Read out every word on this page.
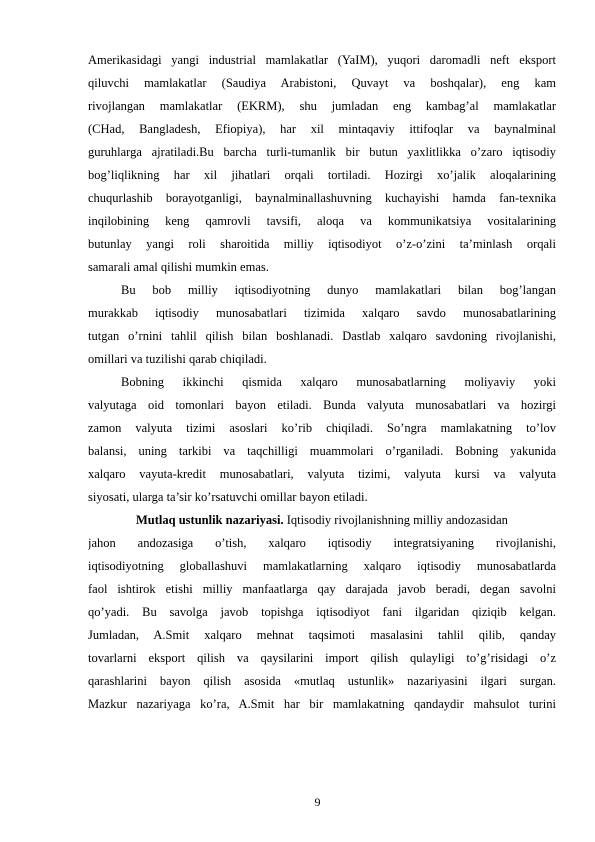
Amerikasidagi yangi industrial mamlakatlar (YaIM), yuqori daromadli neft eksport
qiluvchi mamlakatlar (Saudiya Arabistoni, Quvayt va boshqalar), eng kam
rivojlangan mamlakatlar (EKRM), shu jumladan eng kambag’al mamlakatlar
(CHad, Bangladesh, Efiopiya), har xil mintaqaviy ittifoqlar va baynalminal
guruhlarga ajratiladi.Bu barcha turli-tumanlik bir butun yaxlitlikka o’zaro iqtisodiy
bog’liqlikning har xil jihatlari orqali tortiladi. Hozirgi xo’jalik aloqalarining
chuqurlashib borayotganligi, baynalminallashuvning kuchayishi hamda fan-texnika
inqilobining keng qamrovli tavsifi, aloqa va kommunikatsiya vositalarining
butunlay yangi roli sharoitida milliy iqtisodiyot o’z-o’zini ta’minlash orqali
samarali amal qilishi mumkin emas.
Bu bob milliy iqtisodiyotning dunyo mamlakatlari bilan bog’langan
murakkab iqtisodiy munosabatlari tizimida xalqaro savdo munosabatlarining
tutgan o’rnini tahlil qilish bilan boshlanadi. Dastlab xalqaro savdoning rivojlanishi,
omillari va tuzilishi qarab chiqiladi.
Bobning ikkinchi qismida xalqaro munosabatlarning moliyaviy yoki
valyutaga oid tomonlari bayon etiladi. Bunda valyuta munosabatlari va hozirgi
zamon valyuta tizimi asoslari ko’rib chiqiladi. So’ngra mamlakatning to’lov
balansi, uning tarkibi va taqchilligi muammolari o’rganiladi. Bobning yakunida
xalqaro vayuta-kredit munosabatlari, valyuta tizimi, valyuta kursi va valyuta
siyosati, ularga ta’sir ko’rsatuvchi omillar bayon etiladi.
Mutlaq ustunlik nazariyasi. Iqtisodiy rivojlanishning milliy andozasidan
jahon andozasiga o’tish, xalqaro iqtisodiy integratsiyaning rivojlanishi,
iqtisodiyotning globallashuvi mamlakatlarning xalqaro iqtisodiy munosabatlarda
faol ishtirok etishi milliy manfaatlarga qay darajada javob beradi, degan savolni
qo’yadi. Bu savolga javob topishga iqtisodiyot fani ilgaridan qiziqib kelgan.
Jumladan, A.Smit xalqaro mehnat taqsimoti masalasini tahlil qilib, qanday
tovarlarni eksport qilish va qaysilarini import qilish qulayligi to’g’risidagi o’z
qarashlarini bayon qilish asosida «mutlaq ustunlik» nazariyasini ilgari surgan.
Mazkur nazariyaga ko’ra, A.Smit har bir mamlakatning qandaydir mahsulot turini
9
